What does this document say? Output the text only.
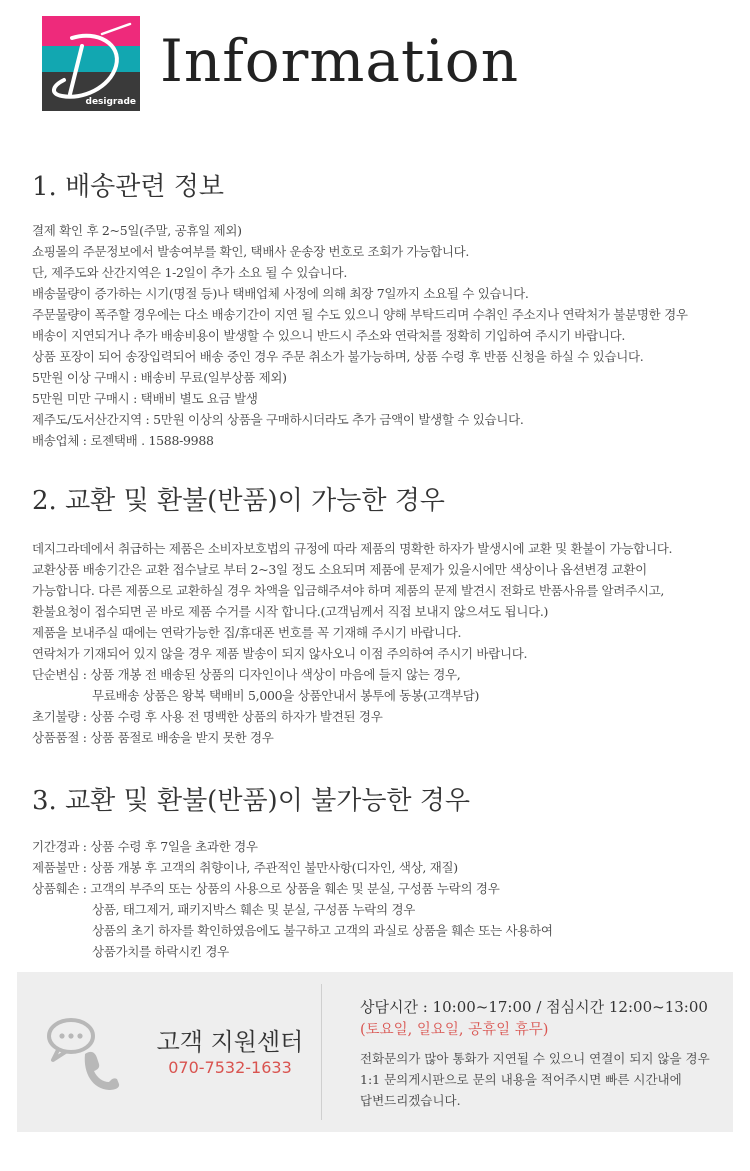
desigrade
Information
1. 배송관련 정보
결제 확인 후 2~5일(주말, 공휴일 제외)
쇼핑몰의 주문정보에서 발송여부를 확인, 택배사 운송장 번호로 조회가 가능합니다.
단, 제주도와 산간지역은 1-2일이 추가 소요 될 수 있습니다.
배송물량이 증가하는 시기(명절 등)나 택배업체 사정에 의해 최장 7일까지 소요될 수 있습니다.
주문물량이 폭주할 경우에는 다소 배송기간이 지연 될 수도 있으니 양해 부탁드리며 수취인 주소지나 연락처가 불분명한 경우
배송이 지연되거나 추가 배송비용이 발생할 수 있으니 반드시 주소와 연락처를 정확히 기입하여 주시기 바랍니다.
상품 포장이 되어 송장입력되어 배송 중인 경우 주문 취소가 불가능하며, 상품 수령 후 반품 신청을 하실 수 있습니다.
5만원 이상 구매시 : 배송비 무료(일부상품 제외)
5만원 미만 구매시 : 택배비 별도 요금 발생
제주도/도서산간지역 : 5만원 이상의 상품을 구매하시더라도 추가 금액이 발생할 수 있습니다.
배송업체 : 로젠택배 . 1588-9988
2. 교환 및 환불(반품)이 가능한 경우
데지그라데에서 취급하는 제품은 소비자보호법의 규정에 따라 제품의 명확한 하자가 발생시에 교환 및 환불이 가능합니다.
교환상품 배송기간은 교환 접수날로 부터 2~3일 정도 소요되며 제품에 문제가 있을시에만 색상이나 옵션변경 교환이
가능합니다. 다른 제품으로 교환하실 경우 차액을 입금해주셔야 하며 제품의 문제 발견시 전화로 반품사유를 알려주시고,
환불요청이 접수되면 곧 바로 제품 수거를 시작 합니다.(고객님께서 직접 보내지 않으셔도 됩니다.)
제품을 보내주실 때에는 연락가능한 집/휴대폰 번호를 꼭 기재해 주시기 바랍니다.
연락처가 기재되어 있지 않을 경우 제품 발송이 되지 않사오니 이점 주의하여 주시기 바랍니다.
단순변심 : 상품 개봉 전 배송된 상품의 디자인이나 색상이 마음에 들지 않는 경우,
무료배송 상품은 왕복 택배비 5,000을 상품안내서 봉투에 동봉(고객부담)
초기불량 : 상품 수령 후 사용 전 명백한 상품의 하자가 발견된 경우
상품품절 : 상품 품절로 배송을 받지 못한 경우
3. 교환 및 환불(반품)이 불가능한 경우
기간경과 : 상품 수령 후 7일을 초과한 경우
제품불만 : 상품 개봉 후 고객의 취향이나, 주관적인 불만사항(디자인, 색상, 재질)
상품훼손 : 고객의 부주의 또는 상품의 사용으로 상품을 훼손 및 분실, 구성품 누락의 경우
상품, 태그제거, 패키지박스 훼손 및 분실, 구성품 누락의 경우
상품의 초기 하자를 확인하였음에도 불구하고 고객의 과실로 상품을 훼손 또는 사용하여
상품가치를 하락시킨 경우
고객 지원센터
070-7532-1633
상담시간 : 10:00~17:00 / 점심시간 12:00~13:00
(토요일, 일요일, 공휴일 휴무)
전화문의가 많아 통화가 지연될 수 있으니 연결이 되지 않을 경우
1:1 문의게시판으로 문의 내용을 적어주시면 빠른 시간내에
답변드리겠습니다.
